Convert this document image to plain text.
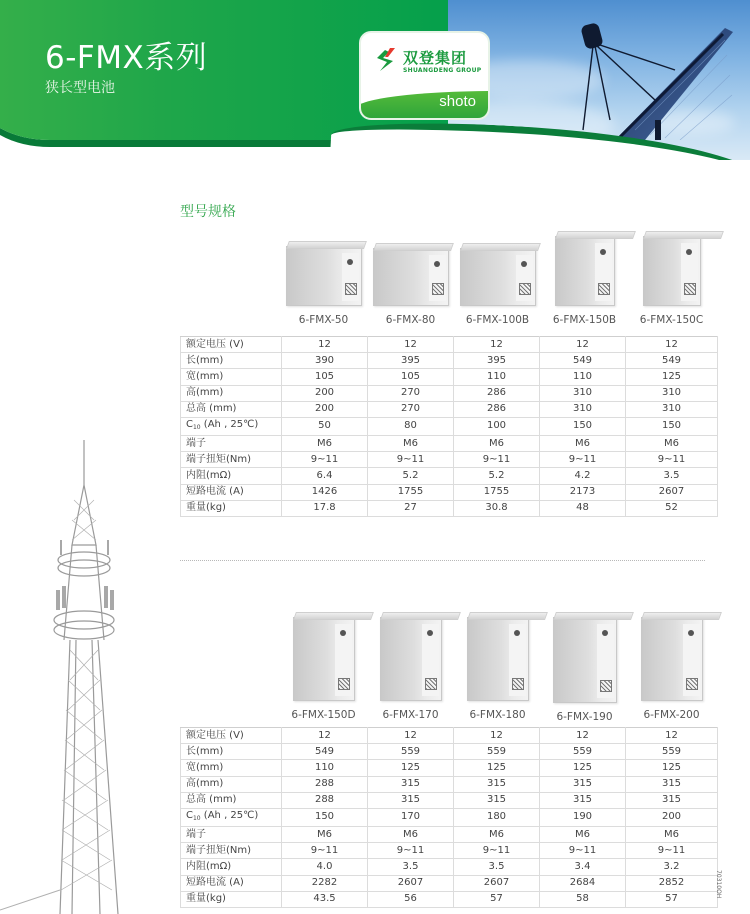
6-FMX系列
狭长型电池
双登集团
SHUANGDENG GROUP
shoto
型号规格
6-FMX-50	6-FMX-80	6-FMX-100B 6-FMX-150B 6-FMX-150C
额定电压 (V)	12	12	12	12	12
长(mm)	390	395	395	549	549
宽(mm)	105	105	110	110	125
高(mm)	200	270	286	310	310
总高 (mm)	200	270	286	310	310
$C_{10}$ (Ah , 25℃)	50	80	100	150	150
端子	M6	M6	M6	M6	M6
端子扭矩(Nm)	9~11	9~11	9~11	9~11	9~11
内阻(mΩ)	6.4	5.2	5.2	4.2	3.5
短路电流 (A)	1426	1755	1755	2173	2607
重量(kg)	17.8	27	30.8	48	52
6-FMX-150D	6-FMX-170	6-FMX-180	6-FMX-190	6-FMX-200
额定电压 (V)	12	12	12	12	12
长(mm)	549	559	559	559	559
宽(mm)	110	125	125	125	125
高(mm)	288	315	315	315	315
总高 (mm)	288	315	315	315	315
$C_{10}$ (Ah , 25℃)	150	170	180	190	200
端子	M6	M6	M6	M6	M6
端子扭矩(Nm)	9~11	9~11	9~11	9~11	9~11
内阻(mΩ)	4.0	3.5	3.5	3.4	3.2
短路电流 (A)	2282	2607	2607	2684	2852
重量(kg)	43.5	56	57	58	57
70310OH
